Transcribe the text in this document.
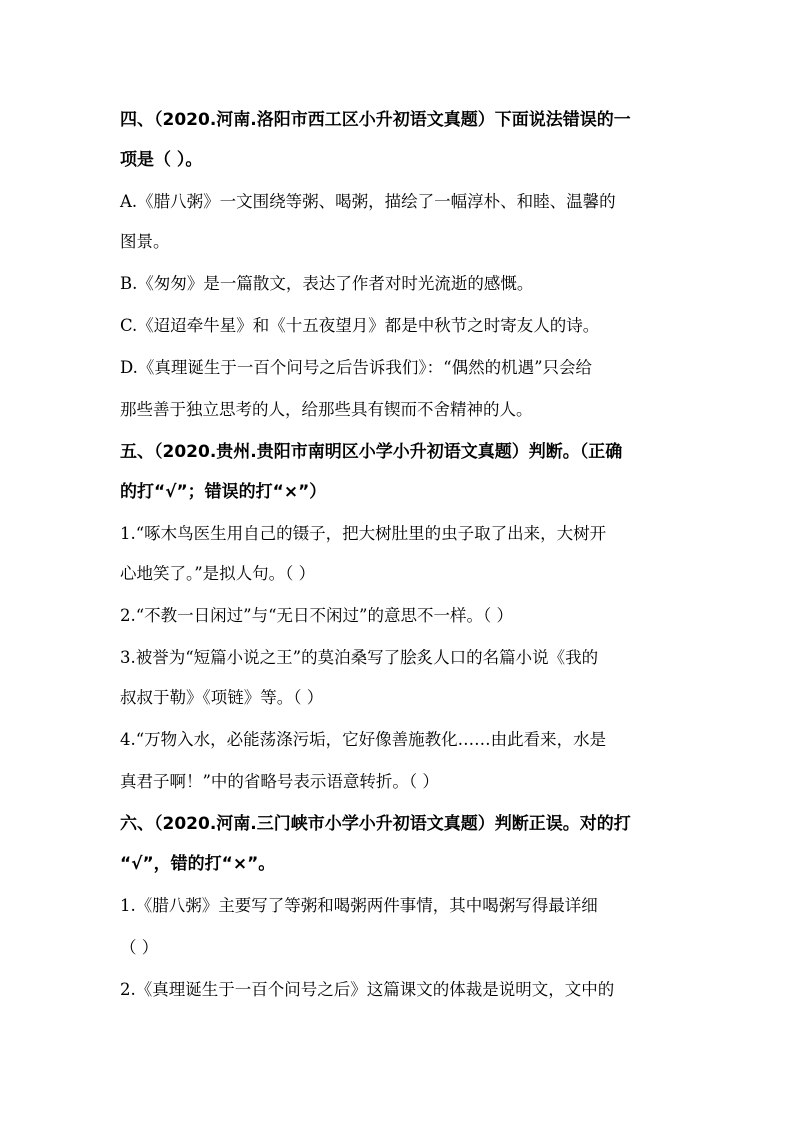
四、（2020.河南.洛阳市西工区小升初语文真题）下面说法错误的一
项是（ ）。
A.《腊八粥》一文围绕等粥、喝粥，描绘了一幅淳朴、和睦、温馨的
图景。
B.《匆匆》是一篇散文，表达了作者对时光流逝的感慨。
C.《迢迢牵牛星》和《十五夜望月》都是中秋节之时寄友人的诗。
D.《真理诞生于一百个问号之后告诉我们》：“偶然的机遇”只会给
那些善于独立思考的人，给那些具有锲而不舍精神的人。
五、（2020.贵州.贵阳市南明区小学小升初语文真题）判断。（正确
的打“√”；错误的打“×”）
1.“啄木鸟医生用自己的镊子，把大树肚里的虫子取了出来，大树开
心地笑了。”是拟人句。（ ）
2.“不教一日闲过”与“无日不闲过”的意思不一样。（ ）
3.被誉为“短篇小说之王”的莫泊桑写了脍炙人口的名篇小说《我的
叔叔于勒》《项链》等。（ ）
4.“万物入水，必能荡涤污垢，它好像善施教化……由此看来，水是
真君子啊！”中的省略号表示语意转折。（ ）
六、（2020.河南.三门峡市小学小升初语文真题）判断正误。对的打
“√”，错的打“×”。
1.《腊八粥》主要写了等粥和喝粥两件事情，其中喝粥写得最详细
（ ）
2.《真理诞生于一百个问号之后》这篇课文的体裁是说明文，文中的
